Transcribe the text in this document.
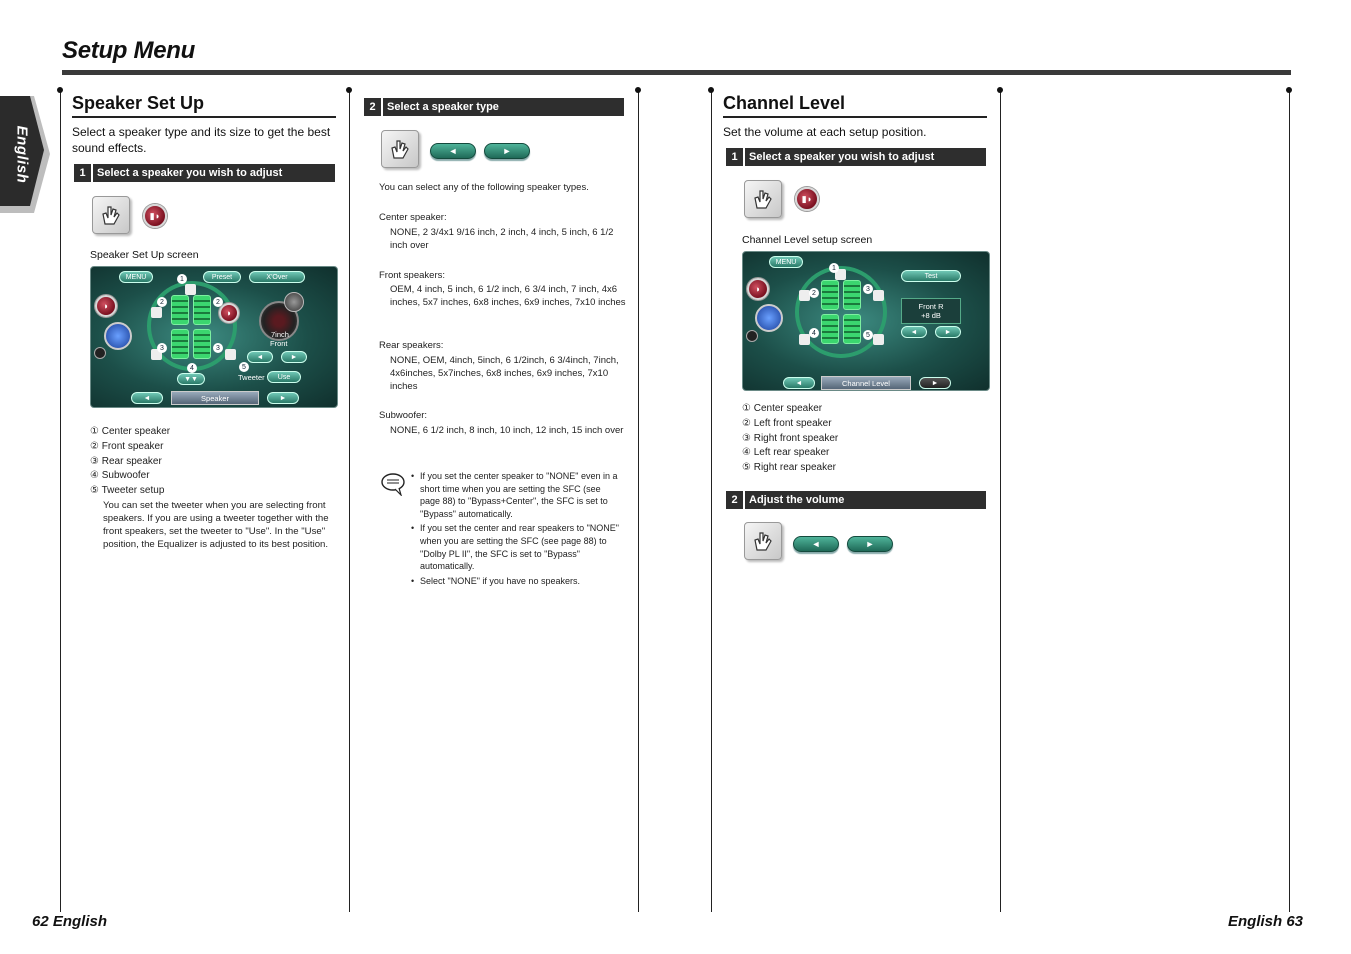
Setup Menu
English
Speaker Set Up
Select a speaker type and its size to get the best sound effects.
1	Select a speaker you wish to adjust
▮◗
Speaker Set Up screen
MENU	Preset	X'Over
◗
◗
1
2	2
3	3
4
▼▼
7inch
Front
◄	►
5
Tweeter Use
◄	Speaker	►
① Center speaker
② Front speaker
③ Rear speaker
④ Subwoofer
⑤ Tweeter setup
You can set the tweeter when you are selecting front speakers. If you are using a tweeter together with the front speakers, set the tweeter to "Use". In the "Use" position, the Equalizer is adjusted to its best position.
2	Select a speaker type
◄	►
You can select any of the following speaker types.
Center speaker:
NONE, 2 3/4x1 9/16 inch, 2 inch, 4 inch, 5 inch, 6 1/2 inch over
Front speakers:
OEM, 4 inch, 5 inch, 6 1/2 inch, 6 3/4 inch, 7 inch, 4x6 inches, 5x7 inches, 6x8 inches, 6x9 inches, 7x10 inches
Rear speakers:
NONE, OEM, 4inch, 5inch, 6 1/2inch, 6 3/4inch, 7inch, 4x6inches, 5x7inches, 6x8 inches, 6x9 inches, 7x10 inches
Subwoofer:
NONE, 6 1/2 inch, 8 inch, 10 inch, 12 inch, 15 inch over
• If you set the center speaker to "NONE" even in a short time when you are setting the SFC (see page 88) to "Bypass+Center", the SFC is set to "Bypass" automatically.
• If you set the center and rear speakers to "NONE" when you are setting the SFC (see page 88) to "Dolby PL II", the SFC is set to "Bypass" automatically.
• Select "NONE" if you have no speakers.
Channel Level
Set the volume at each setup position.
1	Select a speaker you wish to adjust
▮◗
Channel Level setup screen
MENU
◗
1
2
3
4	5
Test
Front R
+8 dB
◄	►
◄	Channel Level	►
① Center speaker
② Left front speaker
③ Right front speaker
④ Left rear speaker
⑤ Right rear speaker
2	Adjust the volume
◄	►
62 English	English 63
